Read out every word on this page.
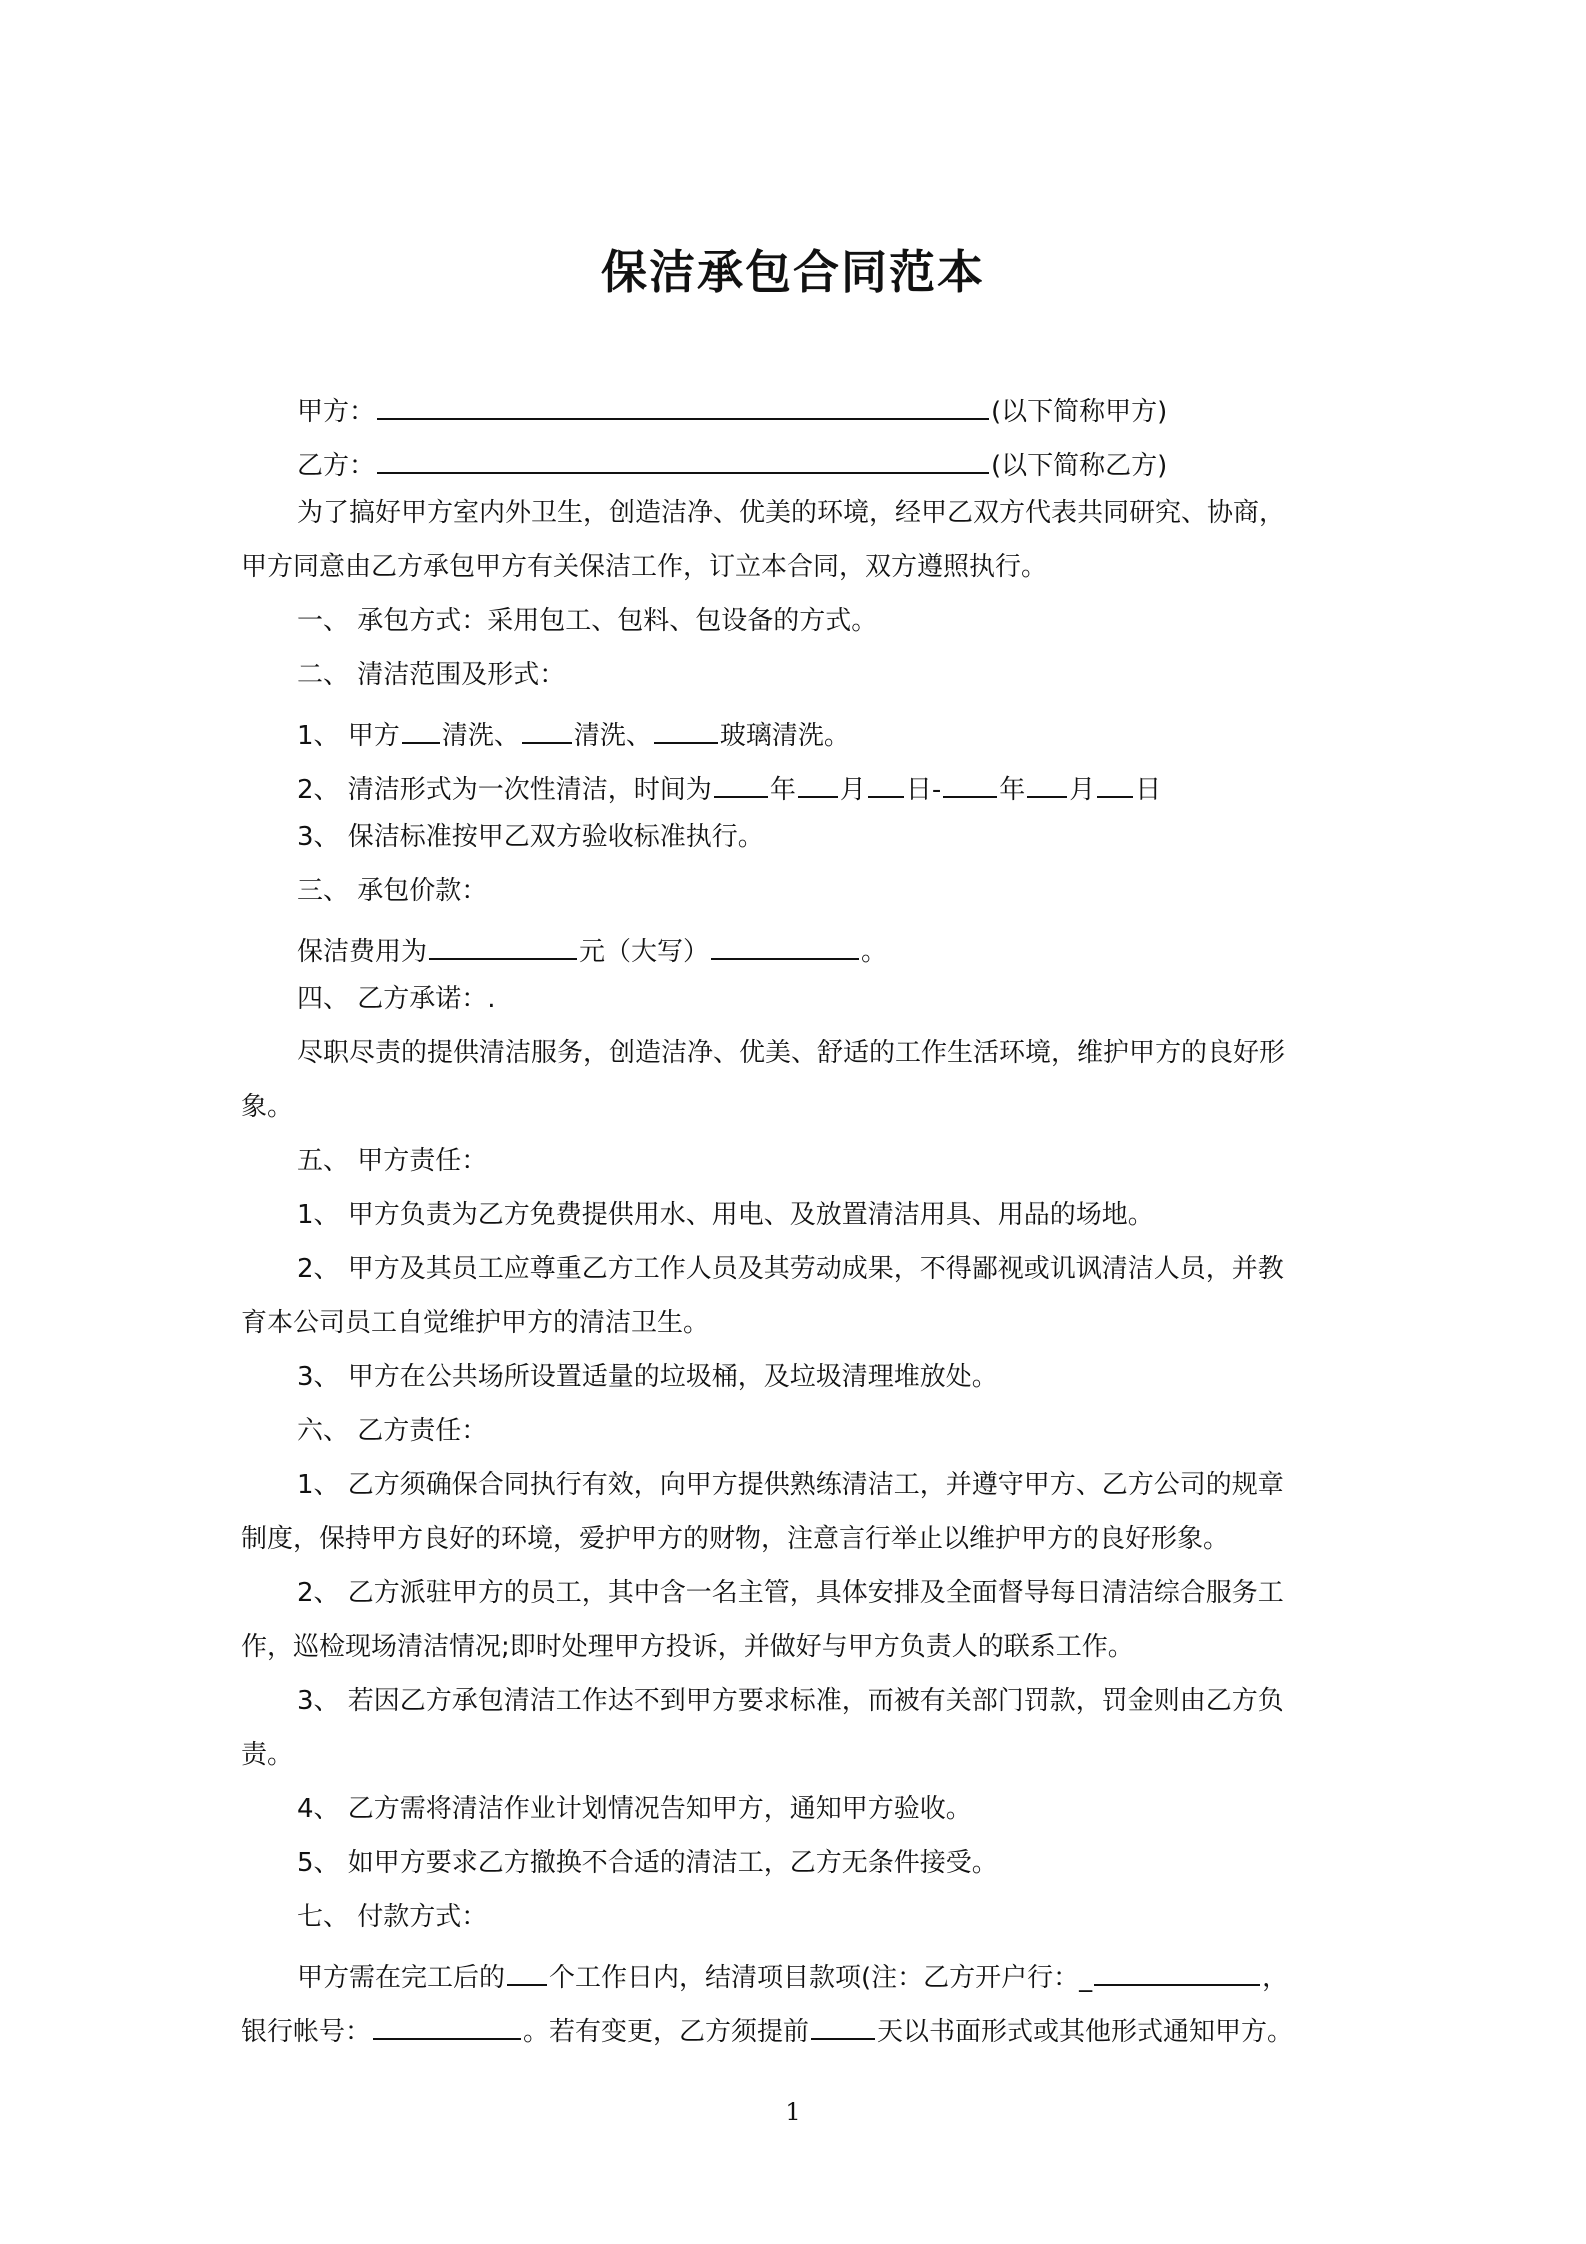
保洁承包合同范本
甲方：	(以下简称甲方)
乙方：	(以下简称乙方)
为了搞好甲方室内外卫生，创造洁净、优美的环境，经甲乙双方代表共同研究、协商，
甲方同意由乙方承包甲方有关保洁工作，订立本合同，双方遵照执行。
一、 承包方式：采用包工、包料、包设备的方式。
二、 清洁范围及形式：
1、 甲方 清洗、 清洗、	玻璃清洗。
2、 清洁形式为一次性清洁，时间为 年 月 日- 年 月 日
3、 保洁标准按甲乙双方验收标准执行。
三、 承包价款：
保洁费用为	元（大写）	。
四、 乙方承诺：.
尽职尽责的提供清洁服务，创造洁净、优美、舒适的工作生活环境，维护甲方的良好形
象。
五、 甲方责任：
1、 甲方负责为乙方免费提供用水、用电、及放置清洁用具、用品的场地。
2、 甲方及其员工应尊重乙方工作人员及其劳动成果，不得鄙视或讥讽清洁人员，并教
育本公司员工自觉维护甲方的清洁卫生。
3、 甲方在公共场所设置适量的垃圾桶，及垃圾清理堆放处。
六、 乙方责任：
1、 乙方须确保合同执行有效，向甲方提供熟练清洁工，并遵守甲方、乙方公司的规章
制度，保持甲方良好的环境，爱护甲方的财物，注意言行举止以维护甲方的良好形象。
2、 乙方派驻甲方的员工，其中含一名主管，具体安排及全面督导每日清洁综合服务工
作，巡检现场清洁情况;即时处理甲方投诉，并做好与甲方负责人的联系工作。
3、 若因乙方承包清洁工作达不到甲方要求标准，而被有关部门罚款，罚金则由乙方负
责。
4、 乙方需将清洁作业计划情况告知甲方，通知甲方验收。
5、 如甲方要求乙方撤换不合适的清洁工，乙方无条件接受。
七、 付款方式：
甲方需在完工后的 个工作日内，结清项目款项(注：乙方开户行：_	，
银行帐号：	。若有变更，乙方须提前	天以书面形式或其他形式通知甲方。
1
